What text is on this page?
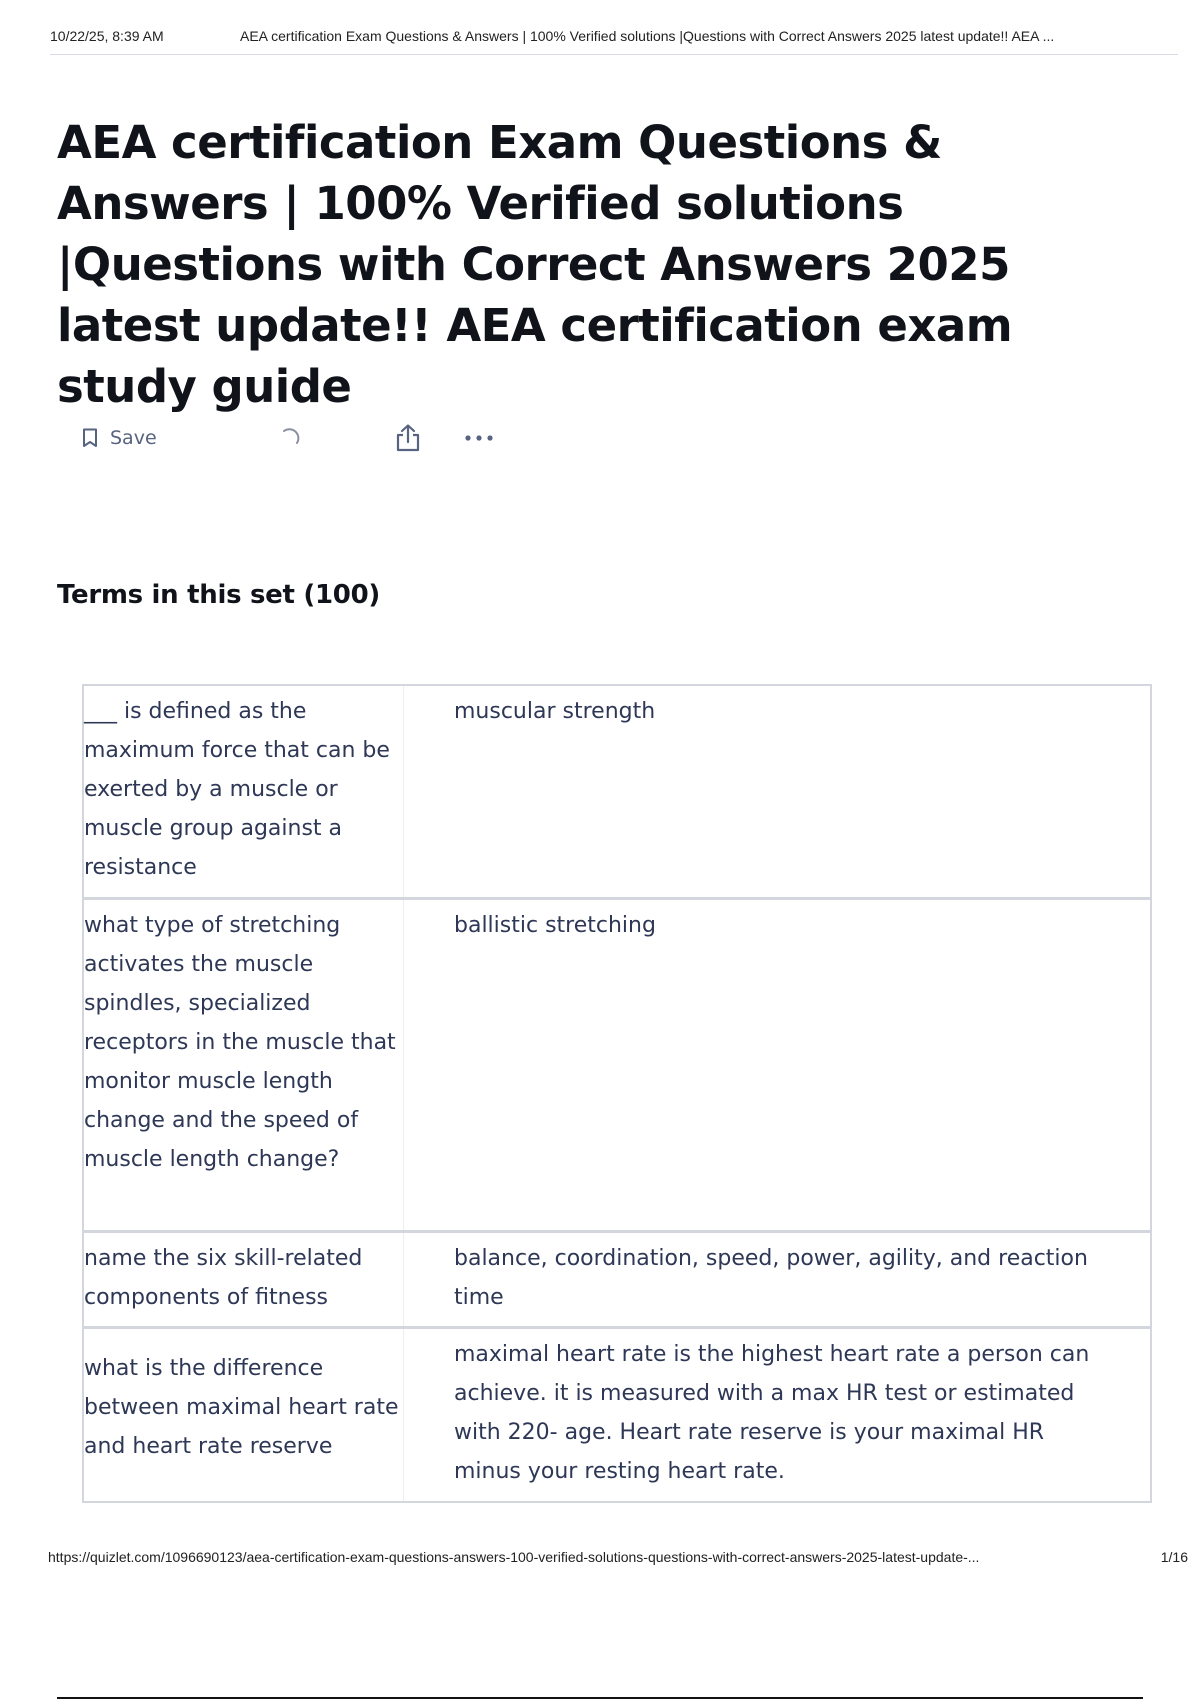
10/22/25, 8:39 AM	AEA certification Exam Questions & Answers | 100% Verified solutions |Questions with Correct Answers 2025 latest update!! AEA ...
AEA certification Exam Questions & Answers | 100% Verified solutions |Questions with Correct Answers 2025 latest update!! AEA certification exam study guide
Save
Terms in this set (100)
___ is defined as the maximum force that can be exerted by a muscle or muscle group against a resistance
muscular strength
what type of stretching activates the muscle spindles, specialized receptors in the muscle that monitor muscle length change and the speed of muscle length change?
ballistic stretching
name the six skill-related components of fitness
balance, coordination, speed, power, agility, and reaction time
what is the difference between maximal heart rate and heart rate reserve
maximal heart rate is the highest heart rate a person can achieve. it is measured with a max HR test or estimated with 220- age. Heart rate reserve is your maximal HR minus your resting heart rate.
https://quizlet.com/1096690123/aea-certification-exam-questions-answers-100-verified-solutions-questions-with-correct-answers-2025-latest-update-...	1/16
